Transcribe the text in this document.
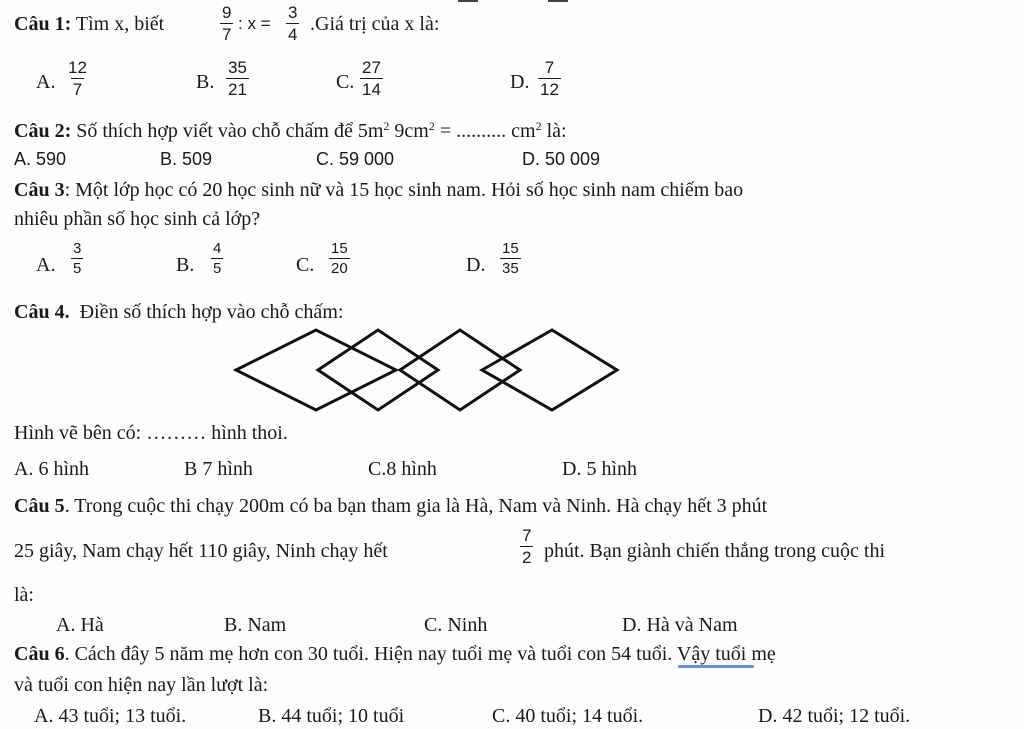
Câu 1: Tìm x, biết	$\frac{9}{7}$ : $x = \frac{3}{4}$ .Giá trị của x là:
A. $\frac{12}{7}$	B. $\frac{35}{21}$	C. $\frac{27}{14}$	D. $\frac{7}{12}$
Câu 2: Số thích hợp viết vào chỗ chấm để $5m^2$ $9cm^2$ = .......... $cm^2$ là:
A. 590	B. 509	C. 59 000	D. 50 009
Câu 3: Một lớp học có 20 học sinh nữ và 15 học sinh nam. Hỏi số học sinh nam chiếm bao
nhiêu phần số học sinh cả lớp?
A. $\frac{3}{5}$	B. $\frac{4}{5}$	C. $\frac{15}{20}$	D. $\frac{15}{35}$
Câu 4. Điền số thích hợp vào chỗ chấm:
Hình vẽ bên có: ……… hình thoi.
A. 6 hình	B 7 hình	C.8 hình	D. 5 hình
Câu 5. Trong cuộc thi chạy 200m có ba bạn tham gia là Hà, Nam và Ninh. Hà chạy hết 3 phút
25 giây, Nam chạy hết 110 giây, Ninh chạy hết	$\frac{7}{2}$ phút. Bạn giành chiến thắng trong cuộc thi
là:
A. Hà	B. Nam	C. Ninh	D. Hà và Nam
Câu 6. Cách đây 5 năm mẹ hơn con 30 tuổi. Hiện nay tuổi mẹ và tuổi con 54 tuổi. Vậy tuổi mẹ
và tuổi con hiện nay lần lượt là:
A. 43 tuổi; 13 tuổi.	B. 44 tuổi; 10 tuổi	C. 40 tuổi; 14 tuổi.	D. 42 tuổi; 12 tuổi.
